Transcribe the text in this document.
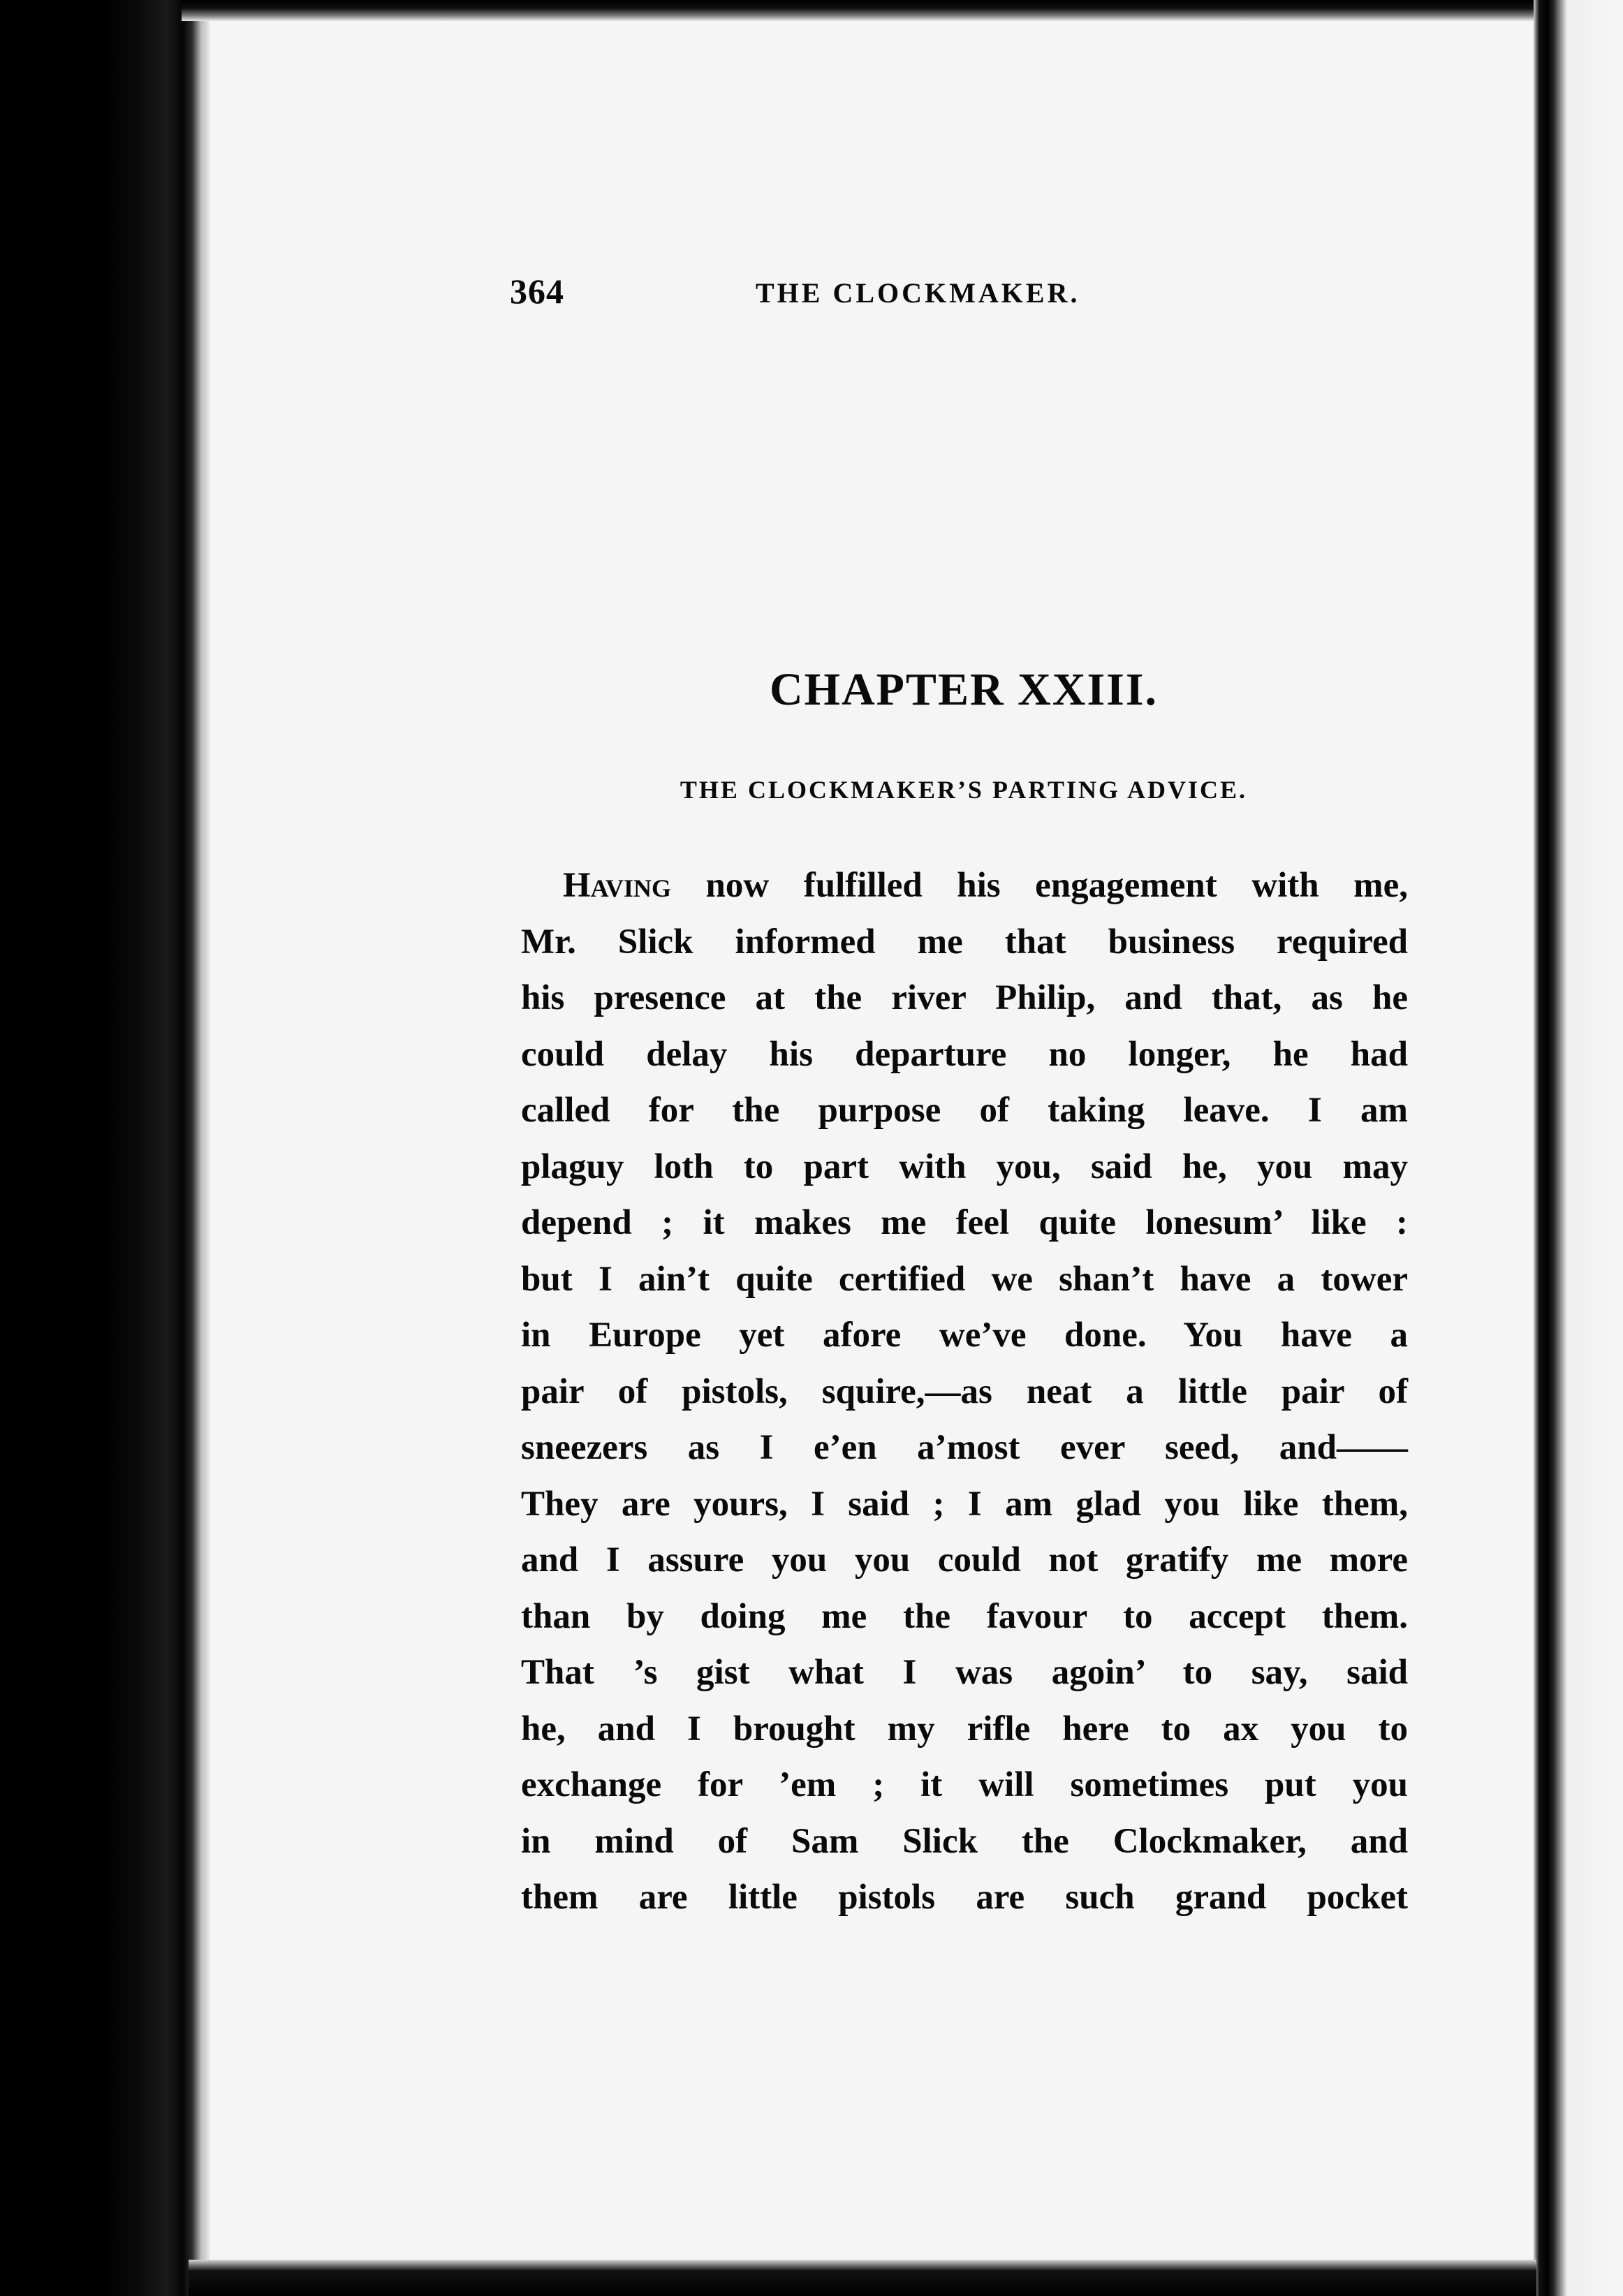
364	THE CLOCKMAKER.
CHAPTER XXIII.
THE CLOCKMAKER’S PARTING ADVICE.
Having now fulfilled his engagement with me,
Mr. Slick informed me that business required
his presence at the river Philip, and that, as he
could delay his departure no longer, he had
called for the purpose of taking leave. I am
plaguy loth to part with you, said he, you may
depend ; it makes me feel quite lonesum’ like :
but I ain’t quite certified we shan’t have a tower
in Europe yet afore we’ve done. You have a
pair of pistols, squire,—as neat a little pair of
sneezers as I e’en a’most ever seed, and——
They are yours, I said ; I am glad you like them,
and I assure you you could not gratify me more
than by doing me the favour to accept them.
That ’s gist what I was agoin’ to say, said
he, and I brought my rifle here to ax you to
exchange for ’em ; it will sometimes put you
in mind of Sam Slick the Clockmaker, and
them are little pistols are such grand pocket
